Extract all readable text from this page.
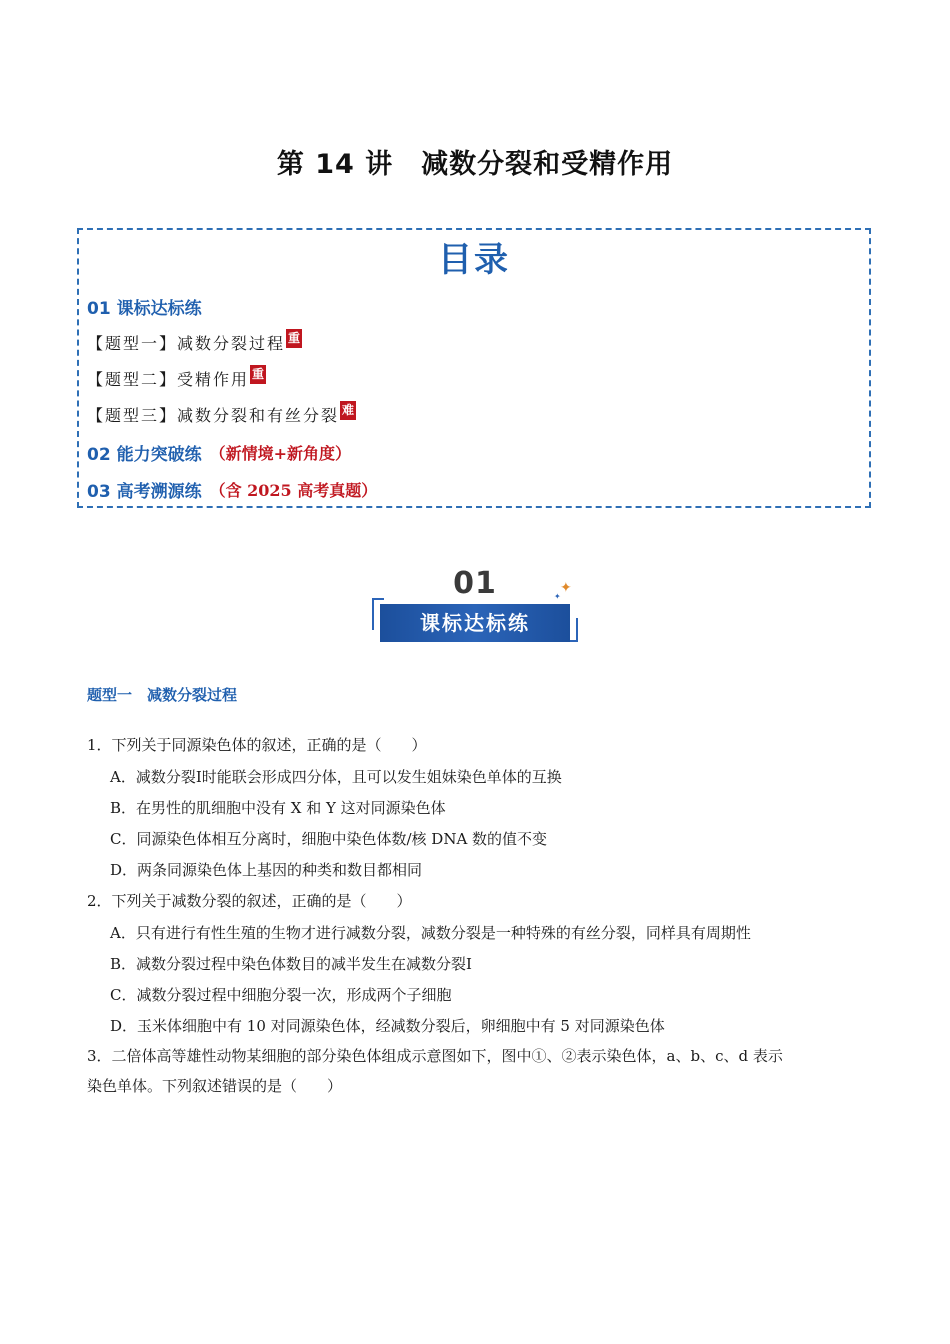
第 14 讲　减数分裂和受精作用
目录
01 课标达标练
【题型一】减数分裂过程 重
【题型二】受精作用 重
【题型三】减数分裂和有丝分裂 难
02 能力突破练 （新情境+新角度）
03 高考溯源练 （含 2025 高考真题）
01
课标达标练
✦
✦
题型一　减数分裂过程
1．下列关于同源染色体的叙述，正确的是（　　）
A．减数分裂Ⅰ时能联会形成四分体，且可以发生姐妹染色单体的互换
B．在男性的肌细胞中没有 X 和 Y 这对同源染色体
C．同源染色体相互分离时，细胞中染色体数/核 DNA 数的值不变
D．两条同源染色体上基因的种类和数目都相同
2．下列关于减数分裂的叙述，正确的是（　　）
A．只有进行有性生殖的生物才进行减数分裂，减数分裂是一种特殊的有丝分裂，同样具有周期性
B．减数分裂过程中染色体数目的减半发生在减数分裂Ⅰ
C．减数分裂过程中细胞分裂一次，形成两个子细胞
D．玉米体细胞中有 10 对同源染色体，经减数分裂后，卵细胞中有 5 对同源染色体
3．二倍体高等雄性动物某细胞的部分染色体组成示意图如下，图中①、②表示染色体，a、b、c、d 表示
染色单体。下列叙述错误的是（　　）
